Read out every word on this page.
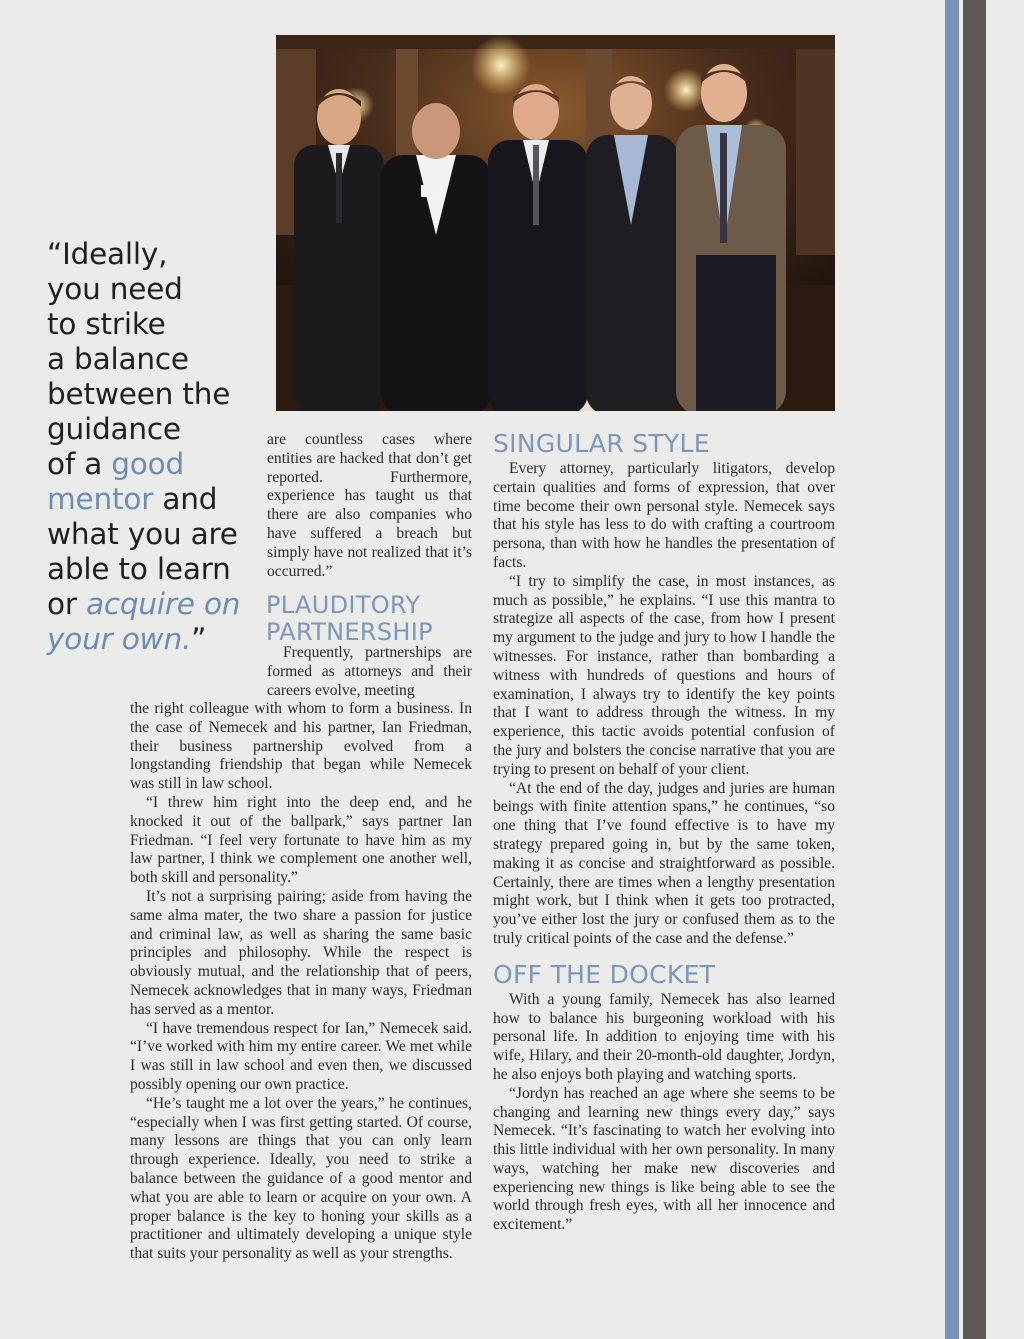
“Ideally,
you need
to strike
a balance
between the
guidance
of a good
mentor and
what you are
able to learn
or acquire on
your own.”

are countless cases where entities are hacked that don’t get reported. Furthermore, experience has taught us that there are also companies who have suffered a breach but simply have not realized that it’s occurred.”

PLAUDITORY PARTNERSHIP

Frequently, partnerships are formed as attorneys and their careers evolve, meeting

the right colleague with whom to form a business. In the case of Nemecek and his partner, Ian Friedman, their business partnership evolved from a longstanding friendship that began while Nemecek was still in law school.

“I threw him right into the deep end, and he knocked it out of the ballpark,” says partner Ian Friedman. “I feel very fortunate to have him as my law partner, I think we complement one another well, both skill and personality.”

It’s not a surprising pairing; aside from having the same alma mater, the two share a passion for justice and criminal law, as well as sharing the same basic principles and philosophy. While the respect is obviously mutual, and the relationship that of peers, Nemecek acknowledges that in many ways, Friedman has served as a mentor.

“I have tremendous respect for Ian,” Nemecek said. “I’ve worked with him my entire career. We met while I was still in law school and even then, we discussed possibly opening our own practice.

“He’s taught me a lot over the years,” he continues, “especially when I was first getting started. Of course, many lessons are things that you can only learn through experience. Ideally, you need to strike a balance between the guidance of a good mentor and what you are able to learn or acquire on your own. A proper balance is the key to honing your skills as a practitioner and ultimately developing a unique style that suits your personality as well as your strengths.

SINGULAR STYLE

Every attorney, particularly litigators, develop certain qualities and forms of expression, that over time become their own personal style. Nemecek says that his style has less to do with crafting a courtroom persona, than with how he handles the presentation of facts.

“I try to simplify the case, in most instances, as much as possible,” he explains. “I use this mantra to strategize all aspects of the case, from how I present my argument to the judge and jury to how I handle the witnesses. For instance, rather than bombarding a witness with hundreds of questions and hours of examination, I always try to identify the key points that I want to address through the witness. In my experience, this tactic avoids potential confusion of the jury and bolsters the concise narrative that you are trying to present on behalf of your client.

“At the end of the day, judges and juries are human beings with finite attention spans,” he continues, “so one thing that I’ve found effective is to have my strategy prepared going in, but by the same token, making it as concise and straightforward as possible. Certainly, there are times when a lengthy presentation might work, but I think when it gets too protracted, you’ve either lost the jury or confused them as to the truly critical points of the case and the defense.”

OFF THE DOCKET

With a young family, Nemecek has also learned how to balance his burgeoning workload with his personal life. In addition to enjoying time with his wife, Hilary, and their 20-month-old daughter, Jordyn, he also enjoys both playing and watching sports.

“Jordyn has reached an age where she seems to be changing and learning new things every day,” says Nemecek. “It’s fascinating to watch her evolving into this little individual with her own personality. In many ways, watching her make new discoveries and experiencing new things is like being able to see the world through fresh eyes, with all her innocence and excitement.”
